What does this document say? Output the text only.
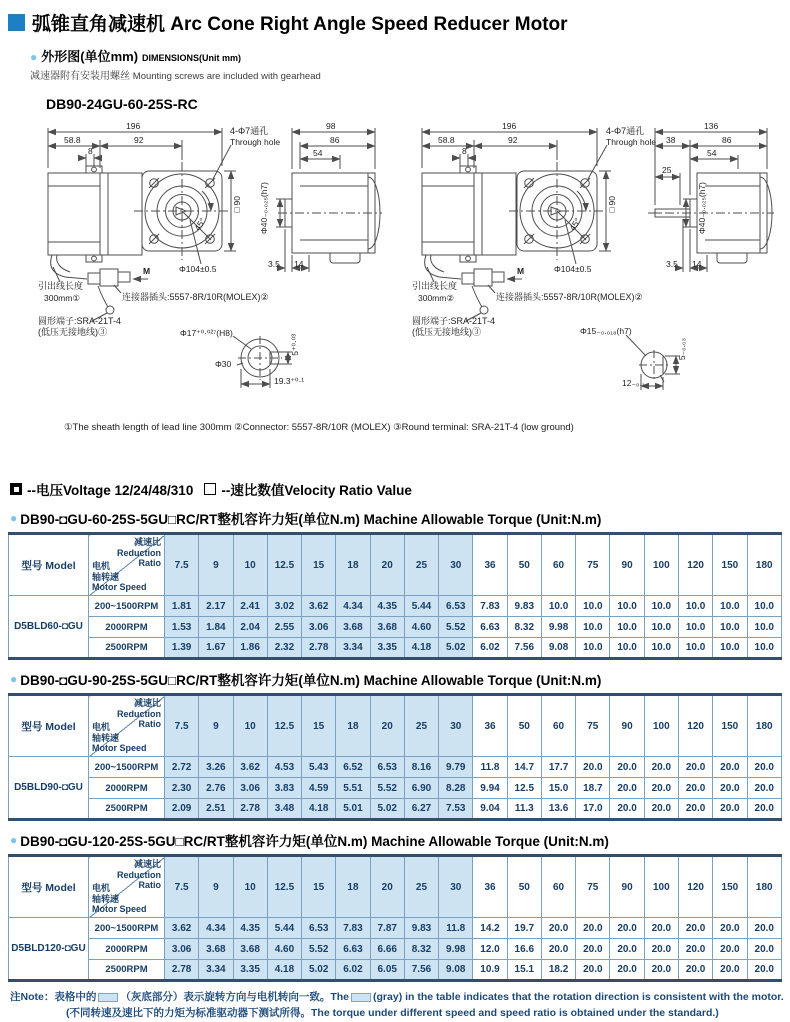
弧锥直角减速机 Arc Cone Right Angle Speed Reducer Motor
● 外形图(单位mm) DIMENSIONS(Unit mm)
减速器附有安装用螺丝 Mounting screws are included with gearhead
DB90-24GU-60-25S-RC
196
58.8	92
8
4-Φ7通孔
Through hole
□90
Φ104±0.5
45°
98
86
54
Φ40₋₀.₀₂₅(h7)
3.5 14
M
引出线长度
300mm①	连接器插头:5557-8R/10R(MOLEX)②
圆形端子:SRA-21T-4
(低压无接地线)③	Φ17⁺⁰·⁰²⁷(H8)
Φ30
19.3⁺⁰·¹
5⁺⁰·⁰³
196
58.8	92
8
4-Φ7通孔
Through hole
□90
Φ104±0.5
45°
136
38	86
54
25
Φ40₋₀.₀₂₅(h7)
3.5 14
M
引出线长度
300mm②	连接器插头:5557-8R/10R(MOLEX)②
圆形端子:SRA-21T-4
(低压无接地线)③	Φ15₋₀.₀₁₈(h7)
12₋₀.₁
5₋₀.₀₃
①The sheath length of lead line 300mm ②Connector: 5557-8R/10R (MOLEX) ③Round terminal: SRA-21T-4 (low ground)
--电压Voltage 12/24/48/310 --速比数值Velocity Ratio Value
● DB90-◘GU-60-25S-5GU□RC/RT整机容许力矩(单位N.m) Machine Allowable Torque (Unit:N.m)
型号 Model	
减速比
Reduction
Ratio
电机
轴转速
Motor Speed
	7.5	9	10	12.5	15	18	20	25	30	36	50	60	75	90	100	120	150	180
D5BLD60-◘GU	200~1500RPM	1.81	2.17	2.41	3.02	3.62	4.34	4.35	5.44	6.53	7.83	9.83	10.0	10.0	10.0	10.0	10.0	10.0	10.0
	2000RPM	1.53	1.84	2.04	2.55	3.06	3.68	3.68	4.60	5.52	6.63	8.32	9.98	10.0	10.0	10.0	10.0	10.0	10.0
	2500RPM	1.39	1.67	1.86	2.32	2.78	3.34	3.35	4.18	5.02	6.02	7.56	9.08	10.0	10.0	10.0	10.0	10.0	10.0
● DB90-◘GU-90-25S-5GU□RC/RT整机容许力矩(单位N.m) Machine Allowable Torque (Unit:N.m)
型号 Model	
减速比
Reduction
Ratio
电机
轴转速
Motor Speed
	7.5	9	10	12.5	15	18	20	25	30	36	50	60	75	90	100	120	150	180
D5BLD90-◘GU	200~1500RPM	2.72	3.26	3.62	4.53	5.43	6.52	6.53	8.16	9.79	11.8	14.7	17.7	20.0	20.0	20.0	20.0	20.0	20.0
	2000RPM	2.30	2.76	3.06	3.83	4.59	5.51	5.52	6.90	8.28	9.94	12.5	15.0	18.7	20.0	20.0	20.0	20.0	20.0
	2500RPM	2.09	2.51	2.78	3.48	4.18	5.01	5.02	6.27	7.53	9.04	11.3	13.6	17.0	20.0	20.0	20.0	20.0	20.0
● DB90-◘GU-120-25S-5GU□RC/RT整机容许力矩(单位N.m) Machine Allowable Torque (Unit:N.m)
型号 Model	
减速比
Reduction
Ratio
电机
轴转速
Motor Speed
	7.5	9	10	12.5	15	18	20	25	30	36	50	60	75	90	100	120	150	180
D5BLD120-◘GU	200~1500RPM	3.62	4.34	4.35	5.44	6.53	7.83	7.87	9.83	11.8	14.2	19.7	20.0	20.0	20.0	20.0	20.0	20.0	20.0
	2000RPM	3.06	3.68	3.68	4.60	5.52	6.63	6.66	8.32	9.98	12.0	16.6	20.0	20.0	20.0	20.0	20.0	20.0	20.0
	2500RPM	2.78	3.34	3.35	4.18	5.02	6.02	6.05	7.56	9.08	10.9	15.1	18.2	20.0	20.0	20.0	20.0	20.0	20.0
注Note：表格中的 （灰底部分）表示旋转方向与电机转向一致。The (gray) in the table indicates that the rotation direction is consistent with the motor.
(不同转速及速比下的力矩为标准驱动器下测试所得。The torque under different speed and speed ratio is obtained under the standard.)
